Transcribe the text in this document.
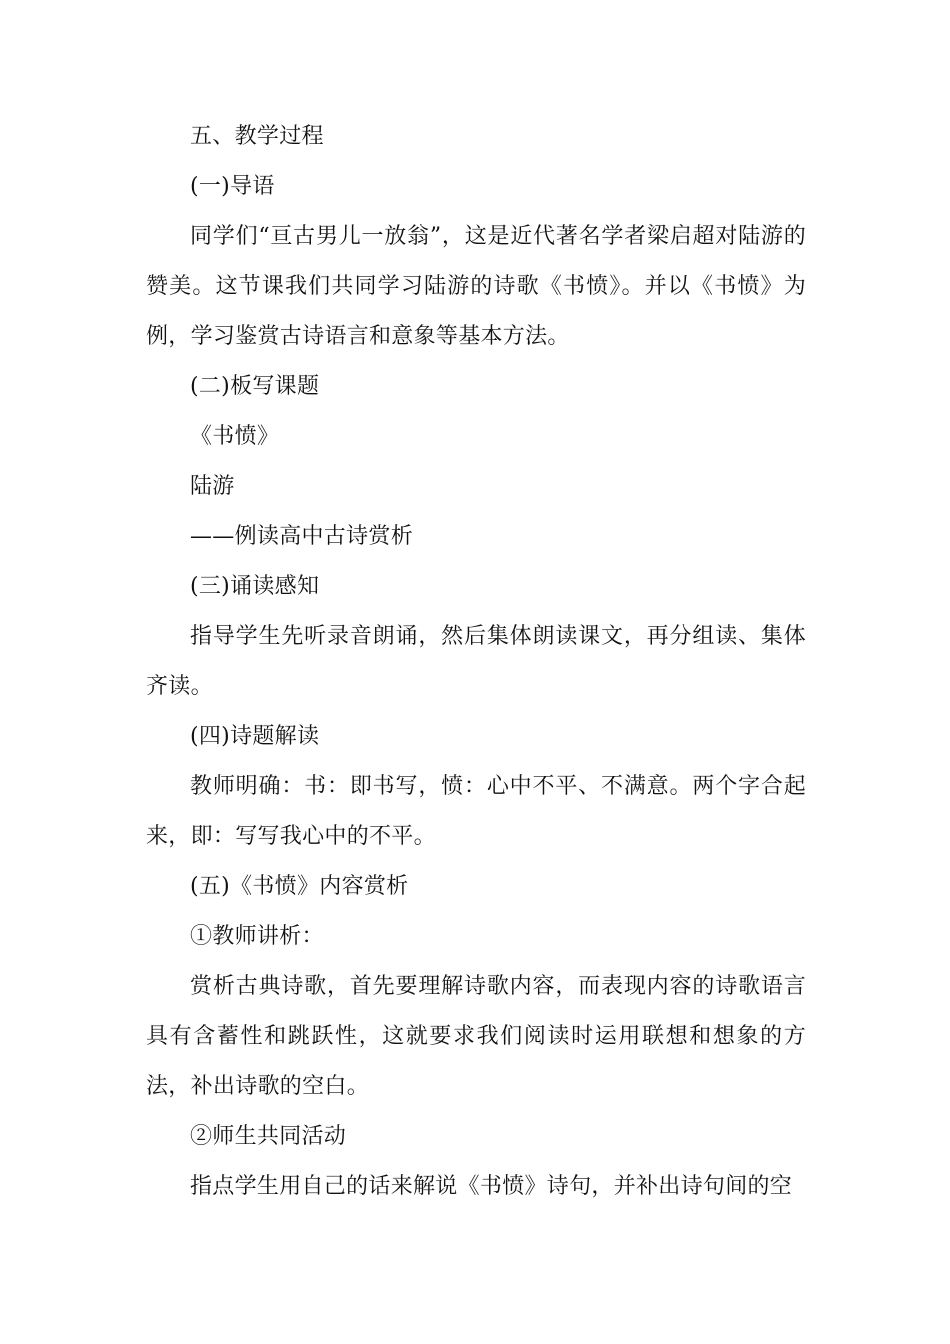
五、教学过程

(一)导语

同学们“亘古男儿一放翁”，这是近代著名学者梁启超对陆游的赞美。这节课我们共同学习陆游的诗歌《书愤》。并以《书愤》为例，学习鉴赏古诗语言和意象等基本方法。

(二)板写课题

《书愤》

陆游

——例读高中古诗赏析

(三)诵读感知

指导学生先听录音朗诵，然后集体朗读课文，再分组读、集体齐读。

(四)诗题解读

教师明确：书：即书写，愤：心中不平、不满意。两个字合起来，即：写写我心中的不平。

(五)《书愤》内容赏析

①教师讲析：

赏析古典诗歌，首先要理解诗歌内容，而表现内容的诗歌语言具有含蓄性和跳跃性，这就要求我们阅读时运用联想和想象的方法，补出诗歌的空白。

②师生共同活动

指点学生用自己的话来解说《书愤》诗句，并补出诗句间的空
